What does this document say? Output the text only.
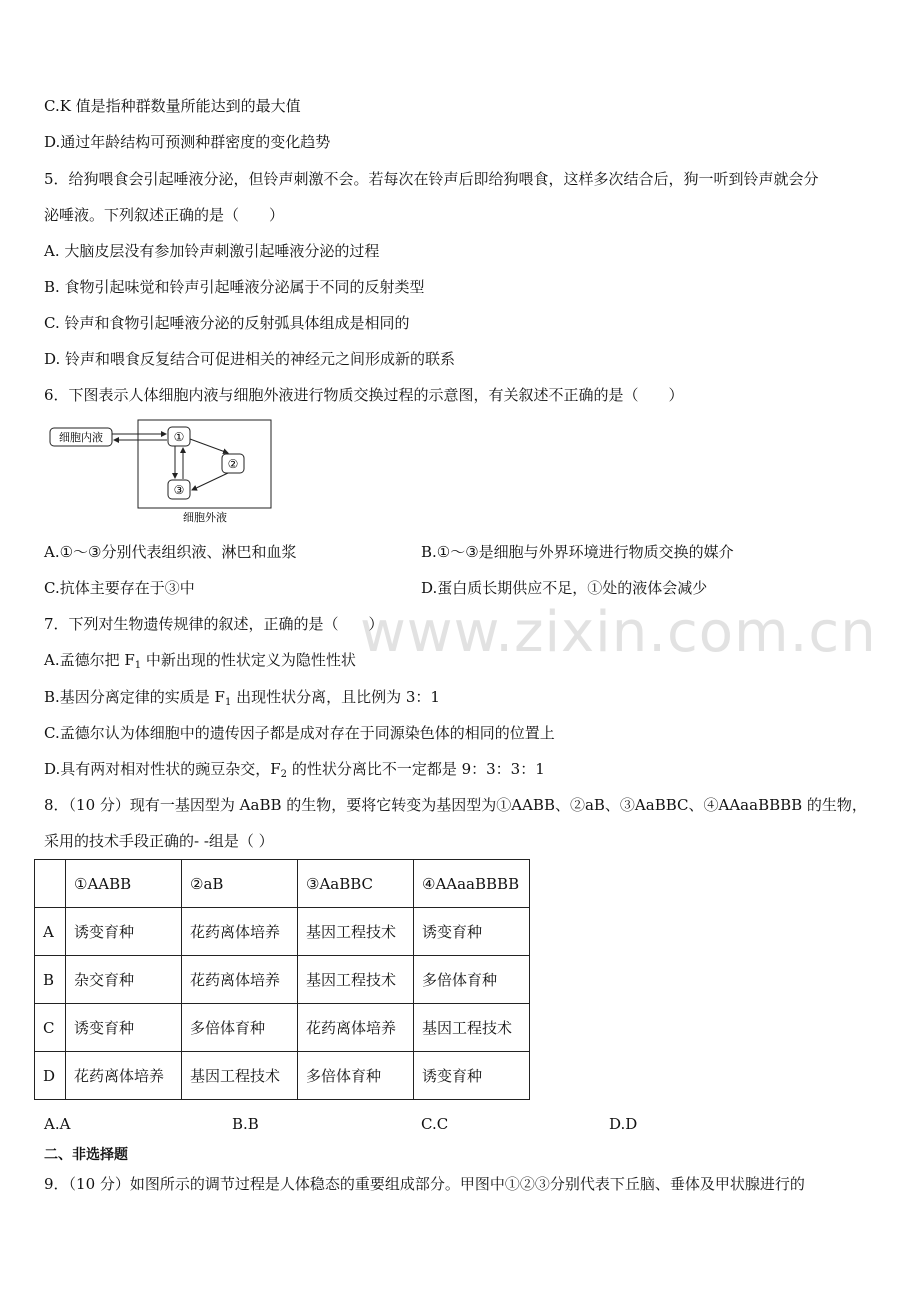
www.zixin.com.cn
C.K 值是指种群数量所能达到的最大值
D.通过年龄结构可预测种群密度的变化趋势
5．给狗喂食会引起唾液分泌，但铃声刺激不会。若每次在铃声后即给狗喂食，这样多次结合后，狗一听到铃声就会分
泌唾液。下列叙述正确的是（　　）
A. 大脑皮层没有参加铃声刺激引起唾液分泌的过程
B. 食物引起味觉和铃声引起唾液分泌属于不同的反射类型
C. 铃声和食物引起唾液分泌的反射弧具体组成是相同的
D. 铃声和喂食反复结合可促进相关的神经元之间形成新的联系
6．下图表示人体细胞内液与细胞外液进行物质交换过程的示意图，有关叙述不正确的是（　　）
细胞内液	①
②
③
细胞外液
A.①～③分别代表组织液、淋巴和血浆	B.①～③是细胞与外界环境进行物质交换的媒介
C.抗体主要存在于③中	D.蛋白质长期供应不足，①处的液体会减少
7．下列对生物遗传规律的叙述，正确的是（　　）
A.孟德尔把 $F_1$ 中新出现的性状定义为隐性性状
B.基因分离定律的实质是 $F_1$ 出现性状分离，且比例为 3：1
C.孟德尔认为体细胞中的遗传因子都是成对存在于同源染色体的相同的位置上
D.具有两对相对性状的豌豆杂交，$F_2$ 的性状分离比不一定都是 9：3：3：1
8．（10 分）现有一基因型为 AaBB 的生物，要将它转变为基因型为①AABB、②aB、③AaBBC、④AAaaBBBB 的生物，
采用的技术手段正确的- -组是（ ）
	①AABB	②aB	③AaBBC	④AAaaBBBB
A	诱变育种	花药离体培养	基因工程技术	诱变育种
B	杂交育种	花药离体培养	基因工程技术	多倍体育种
C	诱变育种	多倍体育种	花药离体培养	基因工程技术
D	花药离体培养	基因工程技术	多倍体育种	诱变育种
A.A	B.B	C.C	D.D
二、非选择题
9．（10 分）如图所示的调节过程是人体稳态的重要组成部分。甲图中①②③分别代表下丘脑、垂体及甲状腺进行的
